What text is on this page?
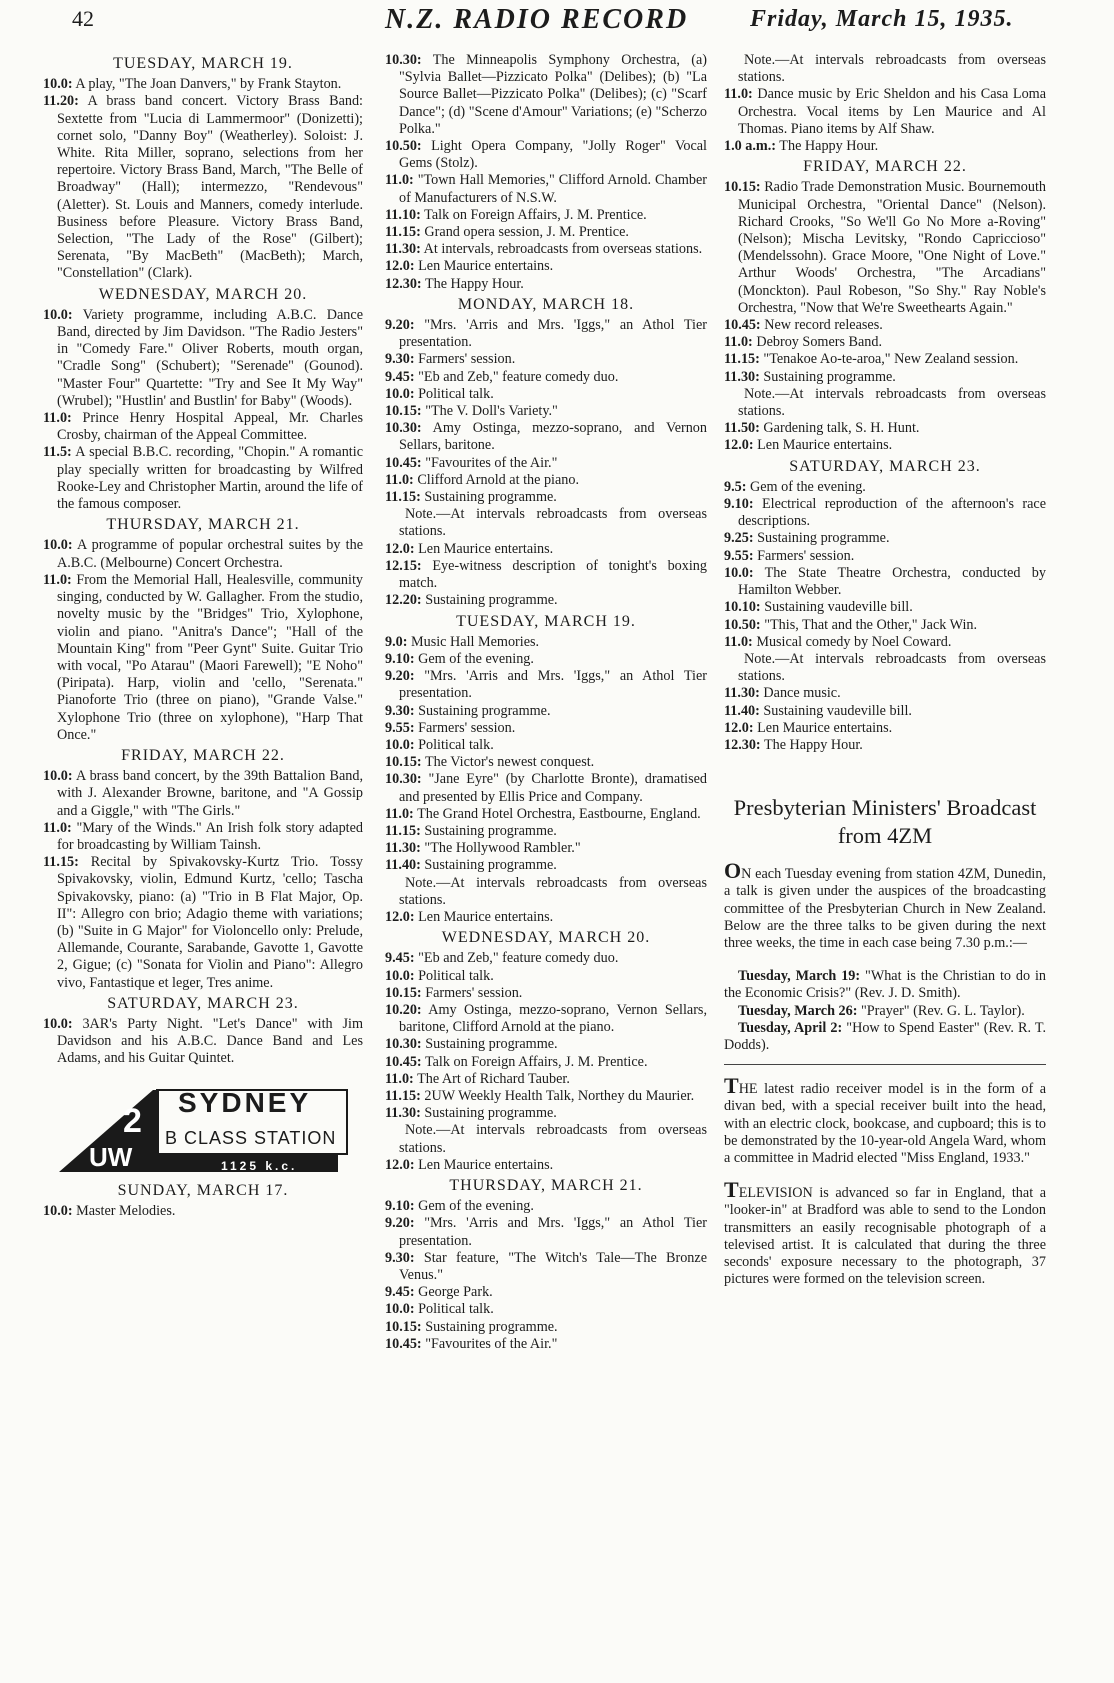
42	N.Z. RADIO RECORD	Friday, March 15, 1935.
TUESDAY, MARCH 19.
10.0: A play, "The Joan Danvers," by Frank Stayton.
11.20: A brass band concert. Victory Brass Band: Sextette from "Lucia di Lammermoor" (Donizetti); cornet solo, "Danny Boy" (Weatherley). Soloist: J. White. Rita Miller, soprano, selections from her repertoire. Victory Brass Band, March, "The Belle of Broadway" (Hall); intermezzo, "Rendevous" (Aletter). St. Louis and Manners, comedy interlude. Business before Pleasure. Victory Brass Band, Selection, "The Lady of the Rose" (Gilbert); Serenata, "By MacBeth" (MacBeth); March, "Constellation" (Clark).
WEDNESDAY, MARCH 20.
10.0: Variety programme, including A.B.C. Dance Band, directed by Jim Davidson. "The Radio Jesters" in "Comedy Fare." Oliver Roberts, mouth organ, "Cradle Song" (Schubert); "Serenade" (Gounod). "Master Four" Quartette: "Try and See It My Way" (Wrubel); "Hustlin' and Bustlin' for Baby" (Woods).
11.0: Prince Henry Hospital Appeal, Mr. Charles Crosby, chairman of the Appeal Committee.
11.5: A special B.B.C. recording, "Chopin." A romantic play specially written for broadcasting by Wilfred Rooke-Ley and Christopher Martin, around the life of the famous composer.
THURSDAY, MARCH 21.
10.0: A programme of popular orchestral suites by the A.B.C. (Melbourne) Concert Orchestra.
11.0: From the Memorial Hall, Healesville, community singing, conducted by W. Gallagher. From the studio, novelty music by the "Bridges" Trio, Xylophone, violin and piano. "Anitra's Dance"; "Hall of the Mountain King" from "Peer Gynt" Suite. Guitar Trio with vocal, "Po Atarau" (Maori Farewell); "E Noho" (Piripata). Harp, violin and 'cello, "Serenata." Pianoforte Trio (three on piano), "Grande Valse." Xylophone Trio (three on xylophone), "Harp That Once."
FRIDAY, MARCH 22.
10.0: A brass band concert, by the 39th Battalion Band, with J. Alexander Browne, baritone, and "A Gossip and a Giggle," with "The Girls."
11.0: "Mary of the Winds." An Irish folk story adapted for broadcasting by William Tainsh.
11.15: Recital by Spivakovsky-Kurtz Trio. Tossy Spivakovsky, violin, Edmund Kurtz, 'cello; Tascha Spivakovsky, piano: (a) "Trio in B Flat Major, Op. II": Allegro con brio; Adagio theme with variations; (b) "Suite in G Major" for Violoncello only: Prelude, Allemande, Courante, Sarabande, Gavotte 1, Gavotte 2, Gigue; (c) "Sonata for Violin and Piano": Allegro vivo, Fantastique et leger, Tres anime.
SATURDAY, MARCH 23.
10.0: 3AR's Party Night. "Let's Dance" with Jim Davidson and his A.B.C. Dance Band and Les Adams, and his Guitar Quintet.
2
UW
SYDNEY
B CLASS STATION
1125 k.c.
SUNDAY, MARCH 17.
10.0: Master Melodies.
10.30: The Minneapolis Symphony Orchestra, (a) "Sylvia Ballet—Pizzicato Polka" (Delibes); (b) "La Source Ballet—Pizzicato Polka" (Delibes); (c) "Scarf Dance"; (d) "Scene d'Amour" Variations; (e) "Scherzo Polka."
10.50: Light Opera Company, "Jolly Roger" Vocal Gems (Stolz).
11.0: "Town Hall Memories," Clifford Arnold. Chamber of Manufacturers of N.S.W.
11.10: Talk on Foreign Affairs, J. M. Prentice.
11.15: Grand opera session, J. M. Prentice.
11.30: At intervals, rebroadcasts from overseas stations.
12.0: Len Maurice entertains.
12.30: The Happy Hour.
MONDAY, MARCH 18.
9.20: "Mrs. 'Arris and Mrs. 'Iggs," an Athol Tier presentation.
9.30: Farmers' session.
9.45: "Eb and Zeb," feature comedy duo.
10.0: Political talk.
10.15: "The V. Doll's Variety."
10.30: Amy Ostinga, mezzo-soprano, and Vernon Sellars, baritone.
10.45: "Favourites of the Air."
11.0: Clifford Arnold at the piano.
11.15: Sustaining programme.
Note.—At intervals rebroadcasts from overseas stations.
12.0: Len Maurice entertains.
12.15: Eye-witness description of tonight's boxing match.
12.20: Sustaining programme.
TUESDAY, MARCH 19.
9.0: Music Hall Memories.
9.10: Gem of the evening.
9.20: "Mrs. 'Arris and Mrs. 'Iggs," an Athol Tier presentation.
9.30: Sustaining programme.
9.55: Farmers' session.
10.0: Political talk.
10.15: The Victor's newest conquest.
10.30: "Jane Eyre" (by Charlotte Bronte), dramatised and presented by Ellis Price and Company.
11.0: The Grand Hotel Orchestra, Eastbourne, England.
11.15: Sustaining programme.
11.30: "The Hollywood Rambler."
11.40: Sustaining programme.
Note.—At intervals rebroadcasts from overseas stations.
12.0: Len Maurice entertains.
WEDNESDAY, MARCH 20.
9.45: "Eb and Zeb," feature comedy duo.
10.0: Political talk.
10.15: Farmers' session.
10.20: Amy Ostinga, mezzo-soprano, Vernon Sellars, baritone, Clifford Arnold at the piano.
10.30: Sustaining programme.
10.45: Talk on Foreign Affairs, J. M. Prentice.
11.0: The Art of Richard Tauber.
11.15: 2UW Weekly Health Talk, Northey du Maurier.
11.30: Sustaining programme.
Note.—At intervals rebroadcasts from overseas stations.
12.0: Len Maurice entertains.
THURSDAY, MARCH 21.
9.10: Gem of the evening.
9.20: "Mrs. 'Arris and Mrs. 'Iggs," an Athol Tier presentation.
9.30: Star feature, "The Witch's Tale—The Bronze Venus."
9.45: George Park.
10.0: Political talk.
10.15: Sustaining programme.
10.45: "Favourites of the Air."
Note.—At intervals rebroadcasts from overseas stations.
11.0: Dance music by Eric Sheldon and his Casa Loma Orchestra. Vocal items by Len Maurice and Al Thomas. Piano items by Alf Shaw.
1.0 a.m.: The Happy Hour.
FRIDAY, MARCH 22.
10.15: Radio Trade Demonstration Music. Bournemouth Municipal Orchestra, "Oriental Dance" (Nelson). Richard Crooks, "So We'll Go No More a-Roving" (Nelson); Mischa Levitsky, "Rondo Capriccioso" (Mendelssohn). Grace Moore, "One Night of Love." Arthur Woods' Orchestra, "The Arcadians" (Monckton). Paul Robeson, "So Shy." Ray Noble's Orchestra, "Now that We're Sweethearts Again."
10.45: New record releases.
11.0: Debroy Somers Band.
11.15: "Tenakoe Ao-te-aroa," New Zealand session.
11.30: Sustaining programme.
Note.—At intervals rebroadcasts from overseas stations.
11.50: Gardening talk, S. H. Hunt.
12.0: Len Maurice entertains.
SATURDAY, MARCH 23.
9.5: Gem of the evening.
9.10: Electrical reproduction of the afternoon's race descriptions.
9.25: Sustaining programme.
9.55: Farmers' session.
10.0: The State Theatre Orchestra, conducted by Hamilton Webber.
10.10: Sustaining vaudeville bill.
10.50: "This, That and the Other," Jack Win.
11.0: Musical comedy by Noel Coward.
Note.—At intervals rebroadcasts from overseas stations.
11.30: Dance music.
11.40: Sustaining vaudeville bill.
12.0: Len Maurice entertains.
12.30: The Happy Hour.
Presbyterian Ministers' Broadcast from 4ZM
ON each Tuesday evening from station 4ZM, Dunedin, a talk is given under the auspices of the broadcasting committee of the Presbyterian Church in New Zealand. Below are the three talks to be given during the next three weeks, the time in each case being 7.30 p.m.:—
Tuesday, March 19: "What is the Christian to do in the Economic Crisis?" (Rev. J. D. Smith).
Tuesday, March 26: "Prayer" (Rev. G. L. Taylor).
Tuesday, April 2: "How to Spend Easter" (Rev. R. T. Dodds).
THE latest radio receiver model is in the form of a divan bed, with a special receiver built into the head, with an electric clock, bookcase, and cupboard; this is to be demonstrated by the 10-year-old Angela Ward, whom a committee in Madrid elected "Miss England, 1933."
TELEVISION is advanced so far in England, that a "looker-in" at Bradford was able to send to the London transmitters an easily recognisable photograph of a televised artist. It is calculated that during the three seconds' exposure necessary to the photograph, 37 pictures were formed on the television screen.
